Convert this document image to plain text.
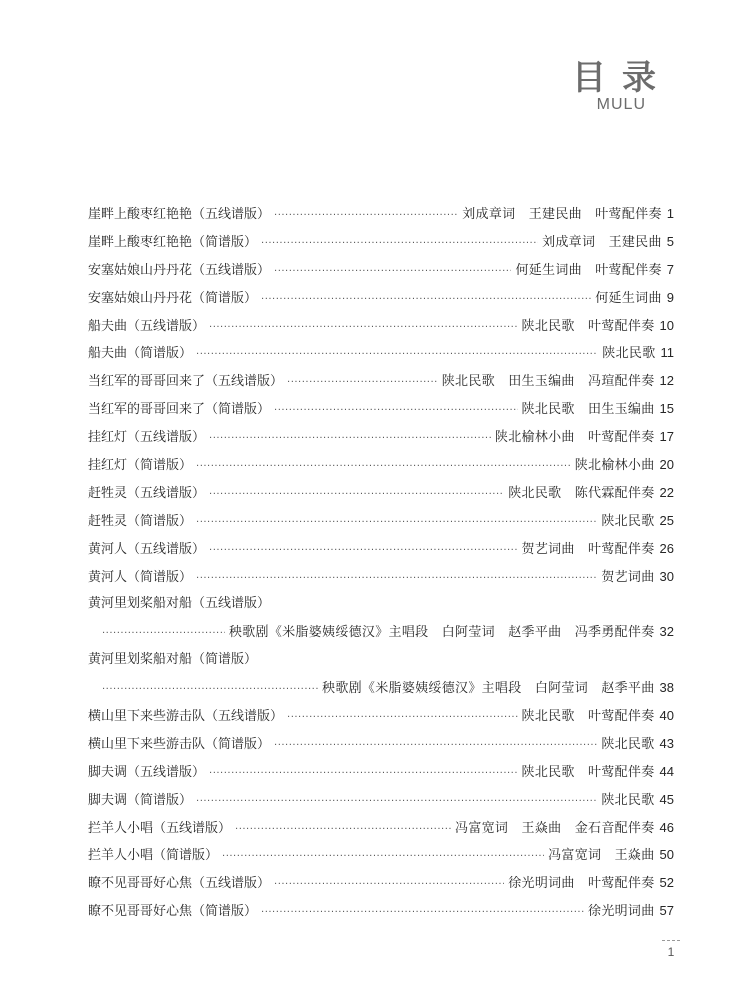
目录
MULU
崖畔上酸枣红艳艳（五线谱版） ·····	刘成章词　王建民曲　叶莺配伴奏 1
崖畔上酸枣红艳艳（简谱版） ·····	刘成章词　王建民曲 5
安塞姑娘山丹丹花（五线谱版） ·····	何延生词曲　叶莺配伴奏 7
安塞姑娘山丹丹花（简谱版） ·····	何延生词曲 9
船夫曲（五线谱版） ·····	陕北民歌　叶莺配伴奏 10
船夫曲（简谱版） ·····	陕北民歌 11
当红军的哥哥回来了（五线谱版） ·····	陕北民歌　田生玉编曲　冯瑄配伴奏 12
当红军的哥哥回来了（简谱版） ·····	陕北民歌　田生玉编曲 15
挂红灯（五线谱版） ·····	陕北榆林小曲　叶莺配伴奏 17
挂红灯（简谱版） ·····	陕北榆林小曲 20
赶牲灵（五线谱版） ·····	陕北民歌　陈代霖配伴奏 22
赶牲灵（简谱版） ·····	陕北民歌 25
黄河人（五线谱版） ·····	贺艺词曲　叶莺配伴奏 26
黄河人（简谱版） ·····	贺艺词曲 30
黄河里划桨船对船（五线谱版）
·····
秧歌剧《米脂婆姨绥德汉》主唱段　白阿莹词　赵季平曲　冯季勇配伴奏 32
黄河里划桨船对船（简谱版）
·····
秧歌剧《米脂婆姨绥德汉》主唱段　白阿莹词　赵季平曲 38
横山里下来些游击队（五线谱版） ·····	陕北民歌　叶莺配伴奏 40
横山里下来些游击队（简谱版） ·····	陕北民歌 43
脚夫调（五线谱版） ·····	陕北民歌　叶莺配伴奏 44
脚夫调（简谱版） ·····	陕北民歌 45
拦羊人小唱（五线谱版） ·····	冯富宽词　王焱曲　金石音配伴奏 46
拦羊人小唱（简谱版） ·····	冯富宽词　王焱曲 50
瞭不见哥哥好心焦（五线谱版） ·····	徐光明词曲　叶莺配伴奏 52
瞭不见哥哥好心焦（简谱版） ·····	徐光明词曲 57
1
